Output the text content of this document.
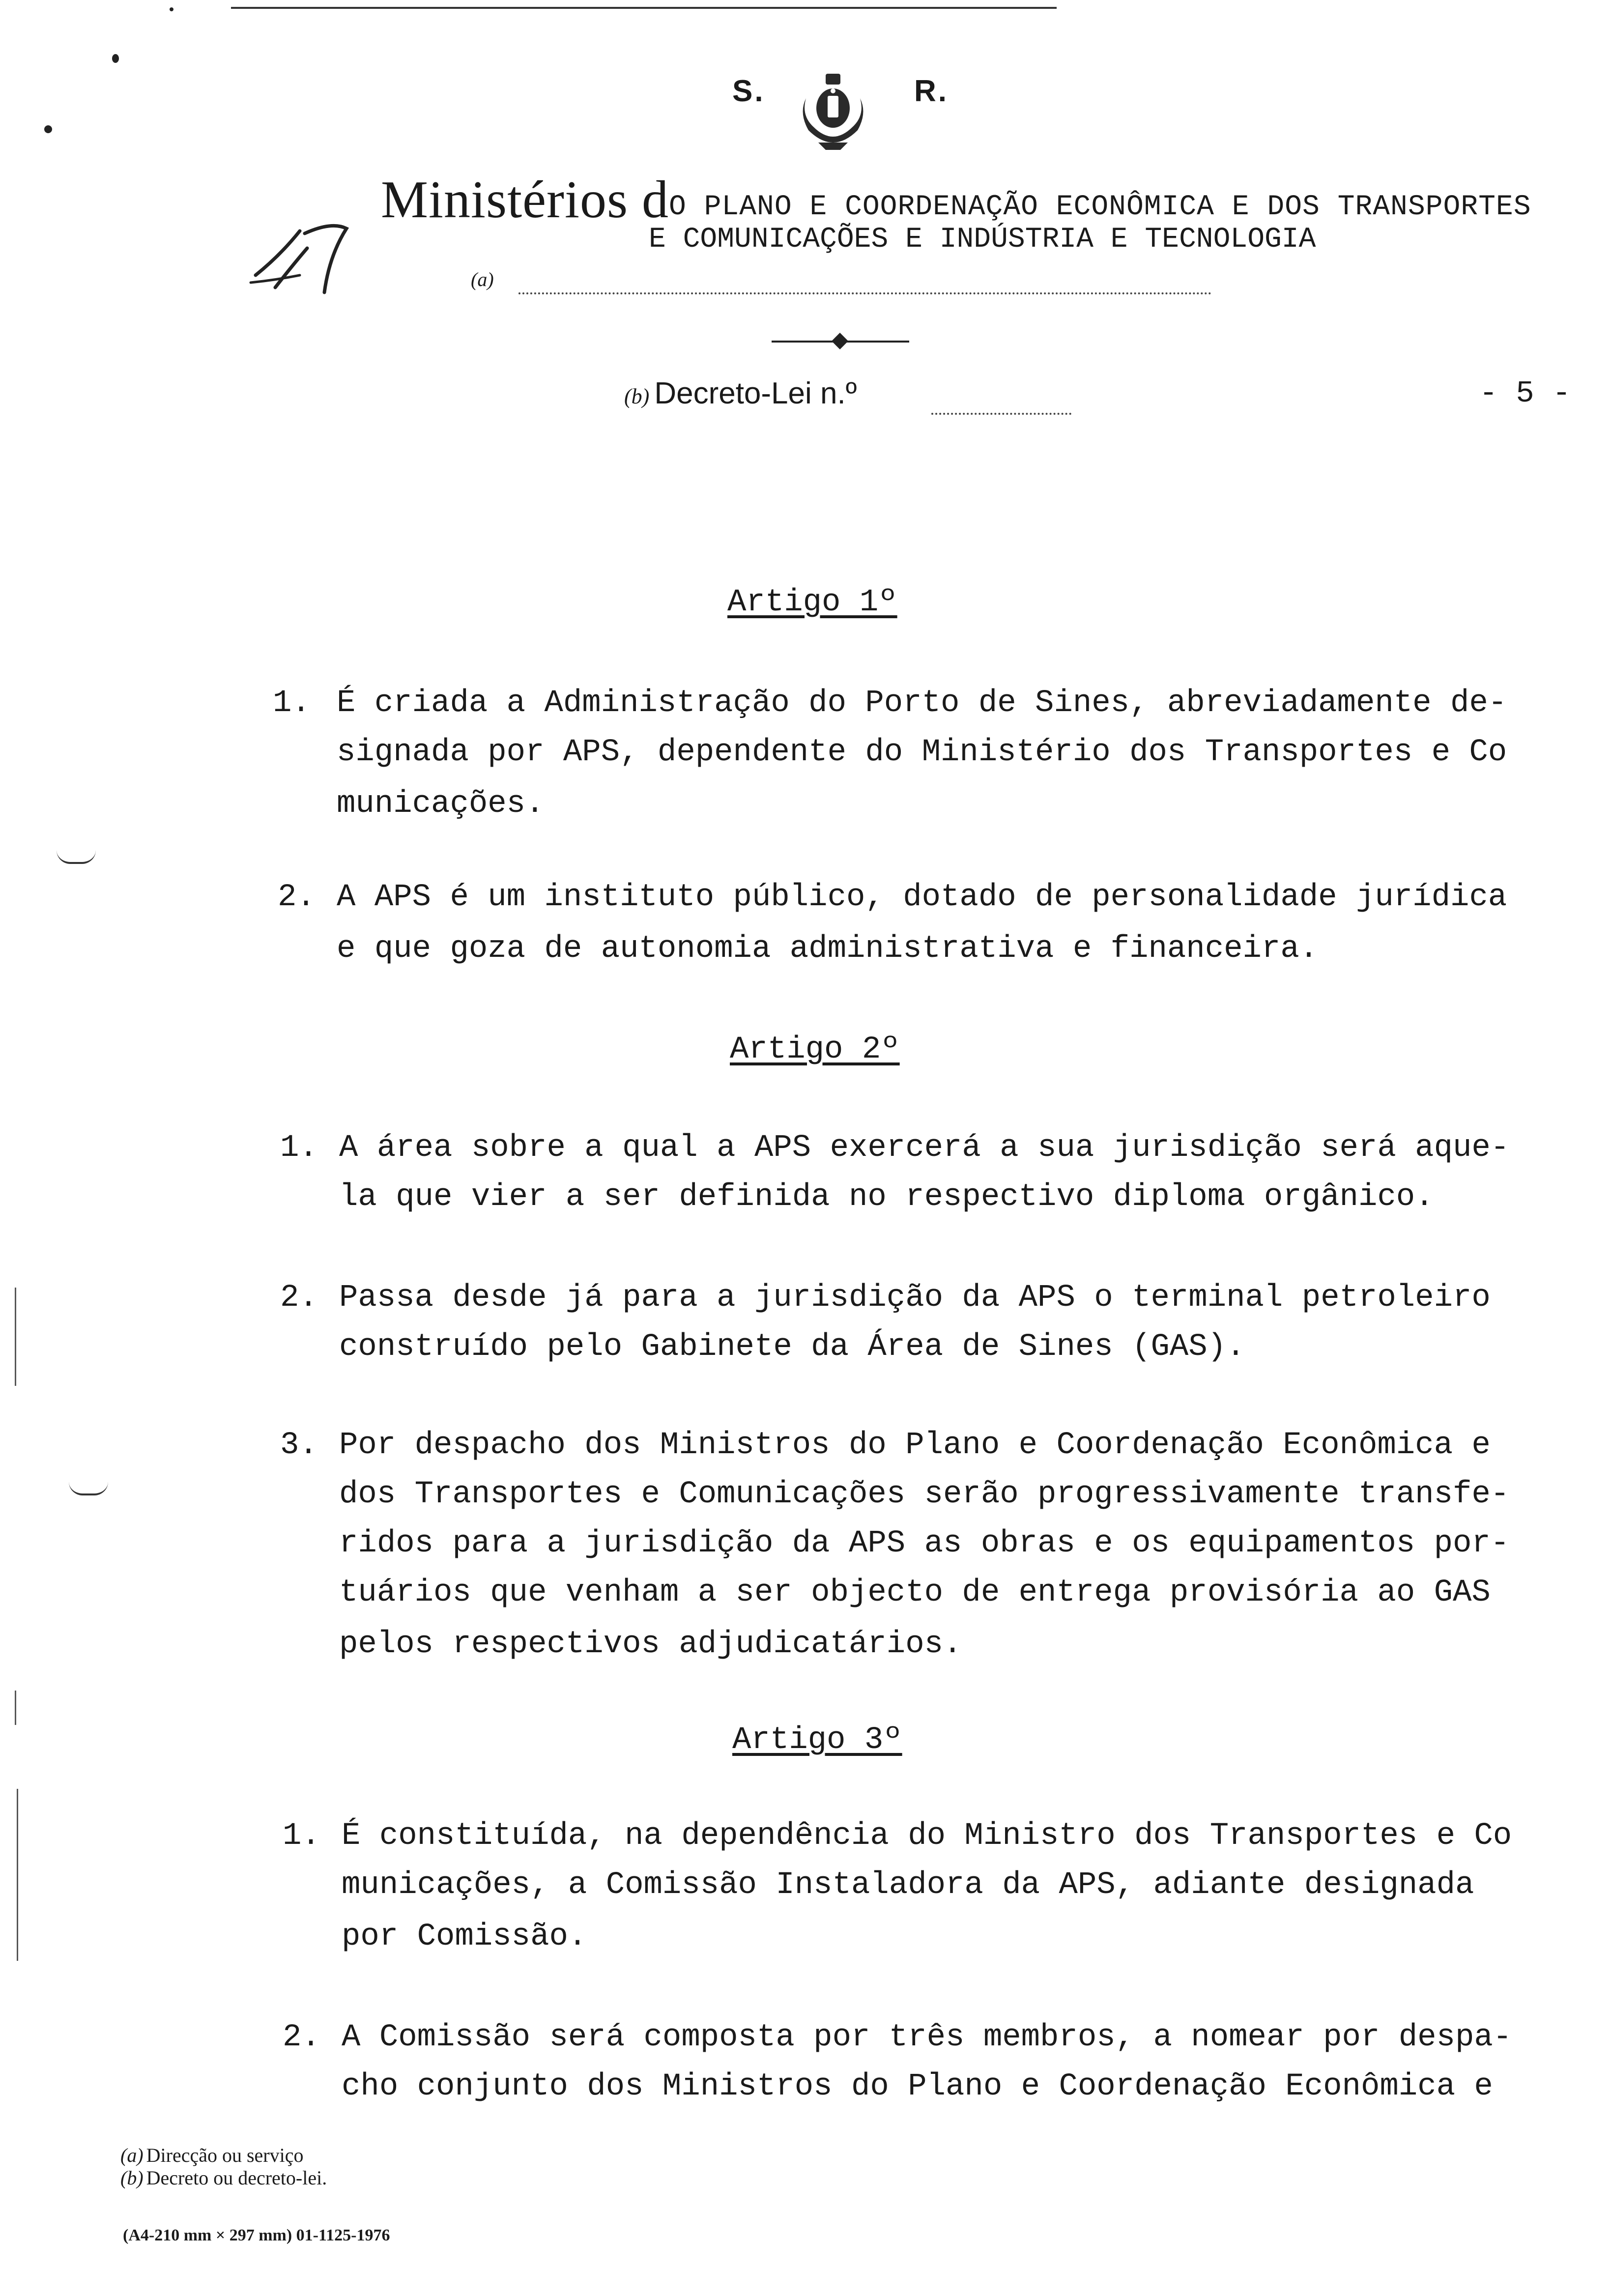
S.	R.
Ministérios dO PLANO E COORDENAÇÃO ECONÔMICA E DOS TRANSPORTES
E COMUNICAÇÕES E INDÚSTRIA E TECNOLOGIA
(a)
(b) Decreto-Lei n.º	- 5 -
Artigo 1º
1. É criada a Administração do Porto de Sines, abreviadamente de-
signada por APS, dependente do Ministério dos Transportes e Co
municações.
2. A APS é um instituto público, dotado de personalidade jurídica
e que goza de autonomia administrativa e financeira.
Artigo 2º
1. A área sobre a qual a APS exercerá a sua jurisdição será aque-
la que vier a ser definida no respectivo diploma orgânico.
2. Passa desde já para a jurisdição da APS o terminal petroleiro
construído pelo Gabinete da Área de Sines (GAS).
3. Por despacho dos Ministros do Plano e Coordenação Econômica e
dos Transportes e Comunicações serão progressivamente transfe-
ridos para a jurisdição da APS as obras e os equipamentos por-
tuários que venham a ser objecto de entrega provisória ao GAS
pelos respectivos adjudicatários.
Artigo 3º
1. É constituída, na dependência do Ministro dos Transportes e Co
municações, a Comissão Instaladora da APS, adiante designada
por Comissão.
2. A Comissão será composta por três membros, a nomear por despa-
cho conjunto dos Ministros do Plano e Coordenação Econômica e
(a) Direcção ou serviço
(b) Decreto ou decreto-lei.
(A4-210 mm × 297 mm) 01-1125-1976
